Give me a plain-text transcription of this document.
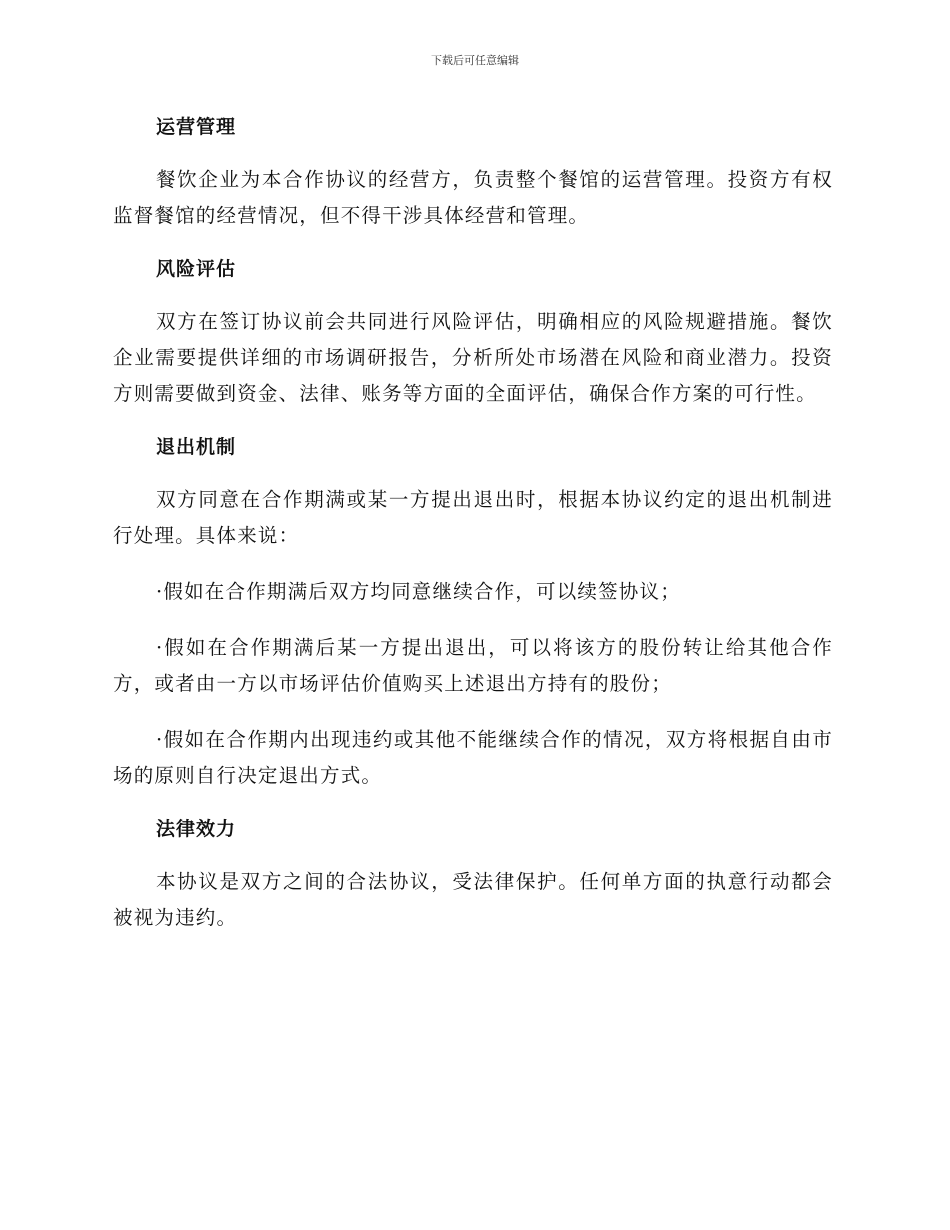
下载后可任意编辑
运营管理

餐饮企业为本合作协议的经营方，负责整个餐馆的运营管理。投资方有权监督餐馆的经营情况，但不得干涉具体经营和管理。

风险评估

双方在签订协议前会共同进行风险评估，明确相应的风险规避措施。餐饮企业需要提供详细的市场调研报告，分析所处市场潜在风险和商业潜力。投资方则需要做到资金、法律、账务等方面的全面评估，确保合作方案的可行性。

退出机制

双方同意在合作期满或某一方提出退出时，根据本协议约定的退出机制进行处理。具体来说：

·假如在合作期满后双方均同意继续合作，可以续签协议；

·假如在合作期满后某一方提出退出，可以将该方的股份转让给其他合作方，或者由一方以市场评估价值购买上述退出方持有的股份；

·假如在合作期内出现违约或其他不能继续合作的情况，双方将根据自由市场的原则自行决定退出方式。

法律效力

本协议是双方之间的合法协议，受法律保护。任何单方面的执意行动都会被视为违约。
